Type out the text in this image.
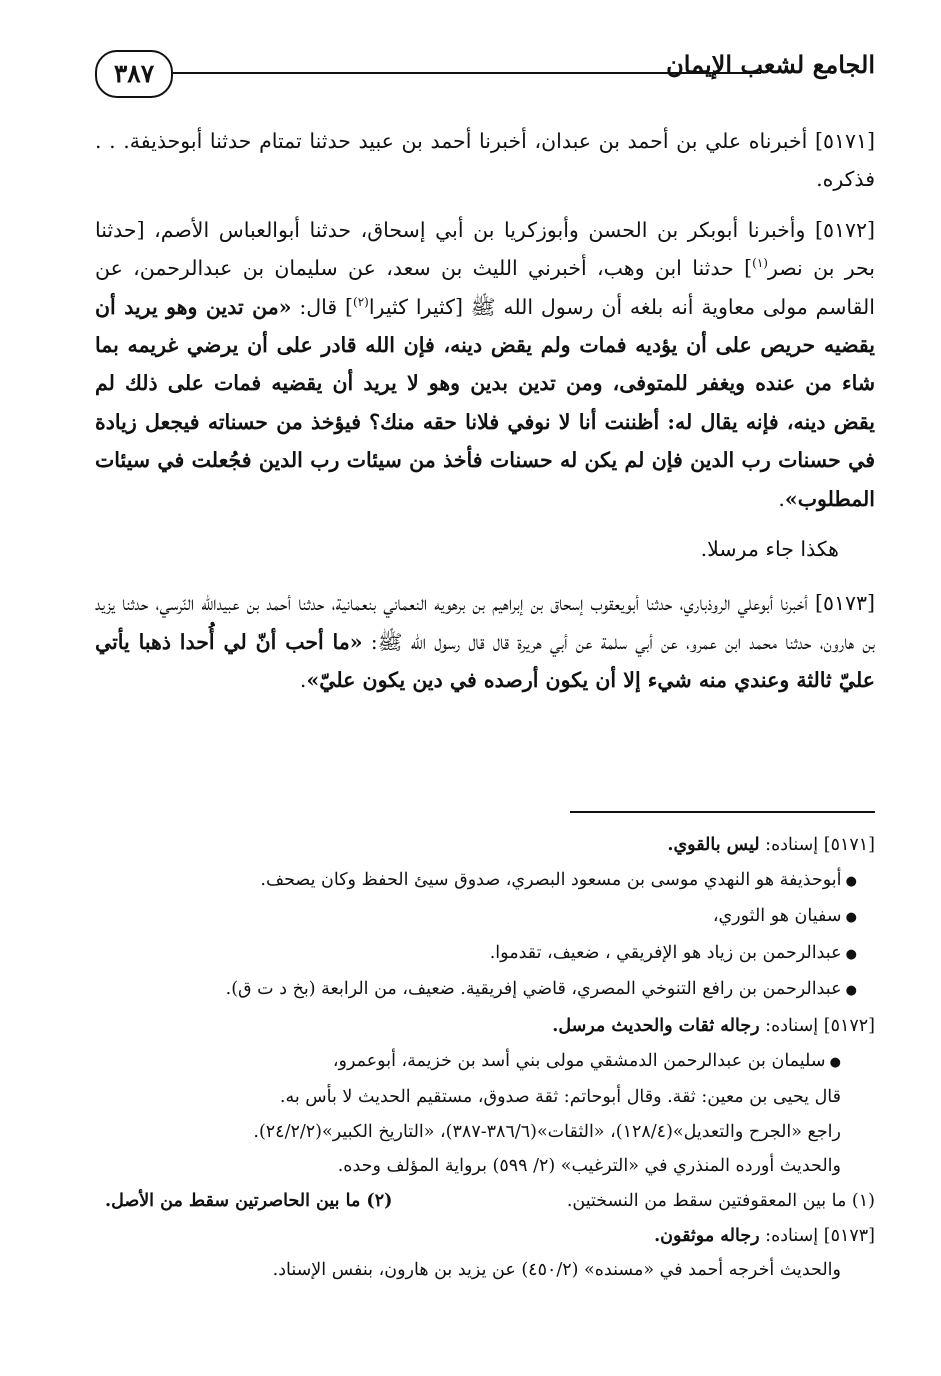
٣٨٧	الجامع لشعب الإيمان

[٥١٧١] أخبرناه علي بن أحمد بن عبدان، أخبرنا أحمد بن عبيد حدثنا تمتام حدثنا أبوحذيفة. . . فذكره.

[٥١٧٢] وأخبرنا أبوبكر بن الحسن وأبوزكريا بن أبي إسحاق، حدثنا أبوالعباس الأصم، [حدثنا بحر بن نصر$^{(١)}$] حدثنا ابن وهب، أخبرني الليث بن سعد، عن سليمان بن عبدالرحمن، عن القاسم مولى معاوية أنه بلغه أن رسول الله ﷺ [كثيرا كثيرا$^{(٢)}$] قال: «من تدين وهو يريد أن يقضيه حريص على أن يؤديه فمات ولم يقض دينه، فإن الله قادر على أن يرضي غريمه بما شاء من عنده ويغفر للمتوفى، ومن تدين بدين وهو لا يريد أن يقضيه فمات على ذلك لم يقض دينه، فإنه يقال له: أظننت أنا لا نوفي فلانا حقه منك؟ فيؤخذ من حسناته فيجعل زيادة في حسنات رب الدين فإن لم يكن له حسنات فأخذ من سيئات رب الدين فجُعلت في سيئات المطلوب».

هكذا جاء مرسلا.

[٥١٧٣] أخبرنا أبوعلي الروذباري، حدثنا أبويعقوب إسحاق بن إبراهيم بن برهويه النعماني بنعمانية، حدثنا أحمد بن عبيدالله النّرسي، حدثنا يزيد بن هارون، حدثنا محمد ابن عمرو، عن أبي سلمة عن أبي هريرة قال قال رسول الله ﷺ: «ما أحب أنّ لي أُحدا ذهبا يأتي عليّ ثالثة وعندي منه شيء إلا أن يكون أرصده في دين يكون عليّ».

[٥١٧١] إسناده: ليس بالقوي.

● أبوحذيفة هو النهدي موسى بن مسعود البصري، صدوق سيئ الحفظ وكان يصحف.

● سفيان هو الثوري،

● عبدالرحمن بن زياد هو الإفريقي ، ضعيف، تقدموا.

● عبدالرحمن بن رافع التنوخي المصري، قاضي إفريقية. ضعيف، من الرابعة (بخ د ت ق).

[٥١٧٢] إسناده: رجاله ثقات والحديث مرسل.

● سليمان بن عبدالرحمن الدمشقي مولى بني أسد بن خزيمة، أبوعمرو،

قال يحيى بن معين: ثقة. وقال أبوحاتم: ثقة صدوق، مستقيم الحديث لا بأس به.

راجع «الجرح والتعديل»(١٢٨/٤)، «الثقات»(٣٨٦/٦-٣٨٧)، «التاريخ الكبير»(٢٤/٢/٢).

والحديث أورده المنذري في «الترغيب» (٢/ ٥٩٩) برواية المؤلف وحده.

(١) ما بين المعقوفتين سقط من النسختين.
(٢) ما بين الحاصرتين سقط من الأصل.

[٥١٧٣] إسناده: رجاله موثقون.

والحديث أخرجه أحمد في «مسنده» (٤٥٠/٢) عن يزيد بن هارون، بنفس الإسناد.
